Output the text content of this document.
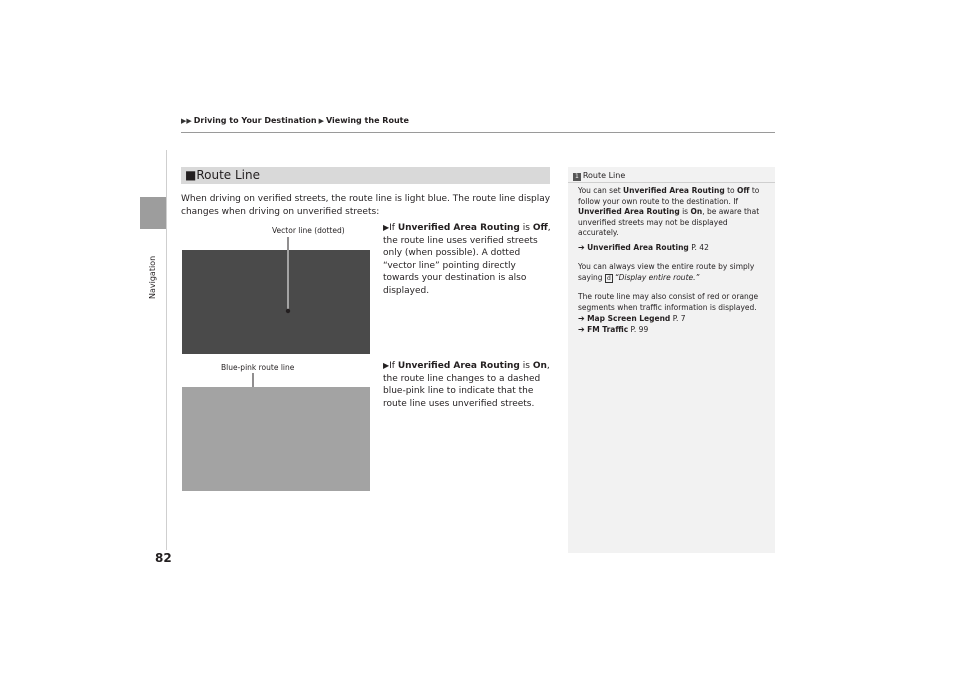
Navigation
▶▶ Driving to Your Destination ▶ Viewing the Route
■Route Line
When driving on verified streets, the route line is light blue. The route line display changes when driving on unverified streets:
Vector line (dotted)
Blue-pink route line
▶If Unverified Area Routing is Off, the route line uses verified streets only (when possible). A dotted “vector line” pointing directly towards your destination is also displayed.
▶If Unverified Area Routing is On, the route line changes to a dashed blue-pink line to indicate that the route line uses unverified streets.
1 Route Line
You can set Unverified Area Routing to Off to follow your own route to the destination. If Unverified Area Routing is On, be aware that unverified streets may not be displayed accurately.
➔ Unverified Area Routing P. 42
You can always view the entire route by simply saying d “Display entire route.”
The route line may also consist of red or orange segments when traffic information is displayed.
➔ Map Screen Legend P. 7
➔ FM Traffic P. 99
82
